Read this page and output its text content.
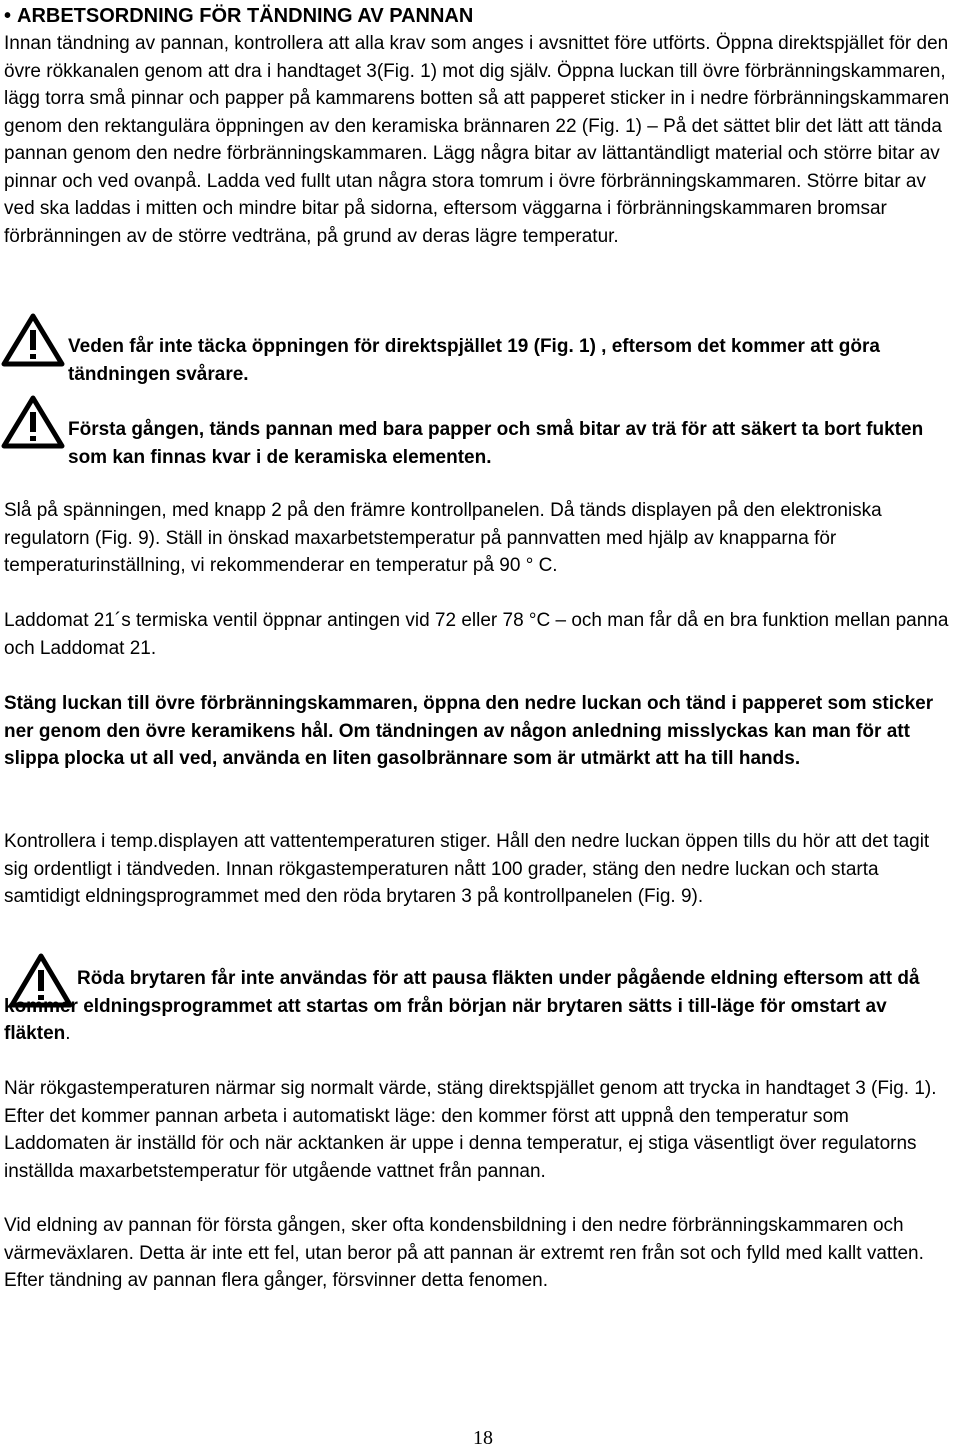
• ARBETSORDNING FÖR TÄNDNING AV PANNAN

Innan tändning av pannan, kontrollera att alla krav som anges i avsnittet före utförts. Öppna direktspjället för den övre rökkanalen genom att dra i handtaget 3(Fig. 1) mot dig själv. Öppna luckan till övre förbränningskammaren, lägg torra små pinnar och papper på kammarens botten så att papperet sticker in i nedre förbränningskammaren genom den rektangulära öppningen av den keramiska brännaren 22 (Fig. 1) – På det sättet blir det lätt att tända pannan genom den nedre förbränningskammaren. Lägg några bitar av lättantändligt material och större bitar av pinnar och ved ovanpå. Ladda ved fullt utan några stora tomrum i övre förbränningskammaren. Större bitar av ved ska laddas i mitten och mindre bitar på sidorna, eftersom väggarna i förbränningskammaren bromsar förbränningen av de större vedträna, på grund av deras lägre temperatur.

Veden får inte täcka öppningen för direktspjället 19 (Fig. 1) , eftersom det kommer att göra tändningen svårare.

Första gången, tänds pannan med bara papper och små bitar av trä för att säkert ta bort fukten som kan finnas kvar i de keramiska elementen.

Slå på spänningen, med knapp 2 på den främre kontrollpanelen. Då tänds displayen på den elektroniska regulatorn (Fig. 9). Ställ in önskad maxarbetstemperatur på pannvatten med hjälp av knapparna för temperaturinställning, vi rekommenderar en temperatur på 90 ° C.

Laddomat 21´s termiska ventil öppnar antingen vid 72 eller 78 °C – och man får då en bra funktion mellan panna och Laddomat 21.

Stäng luckan till övre förbränningskammaren, öppna den nedre luckan och tänd i papperet som sticker ner genom den övre keramikens hål. Om tändningen av någon anledning misslyckas kan man för att slippa plocka ut all ved, använda en liten gasolbrännare som är utmärkt att ha till hands.

Kontrollera i temp.displayen att vattentemperaturen stiger. Håll den nedre luckan öppen tills du hör att det tagit sig ordentligt i tändveden. Innan rökgastemperaturen nått 100 grader, stäng den nedre luckan och starta samtidigt eldningsprogrammet med den röda brytaren 3 på kontrollpanelen (Fig. 9).

Röda brytaren får inte användas för att pausa fläkten under pågående eldning eftersom att då kommer eldningsprogrammet att startas om från början när brytaren sätts i till-läge för omstart av fläkten.

När rökgastemperaturen närmar sig normalt värde, stäng direktspjället genom att trycka in handtaget 3 (Fig. 1). Efter det kommer pannan arbeta i automatiskt läge: den kommer först att uppnå den temperatur som Laddomaten är inställd för och när acktanken är uppe i denna temperatur, ej stiga väsentligt över regulatorns inställda maxarbetstemperatur för utgående vattnet från pannan.

Vid eldning av pannan för första gången, sker ofta kondensbildning i den nedre förbränningskammaren och värmeväxlaren. Detta är inte ett fel, utan beror på att pannan är extremt ren från sot och fylld med kallt vatten. Efter tändning av pannan flera gånger, försvinner detta fenomen.

18
